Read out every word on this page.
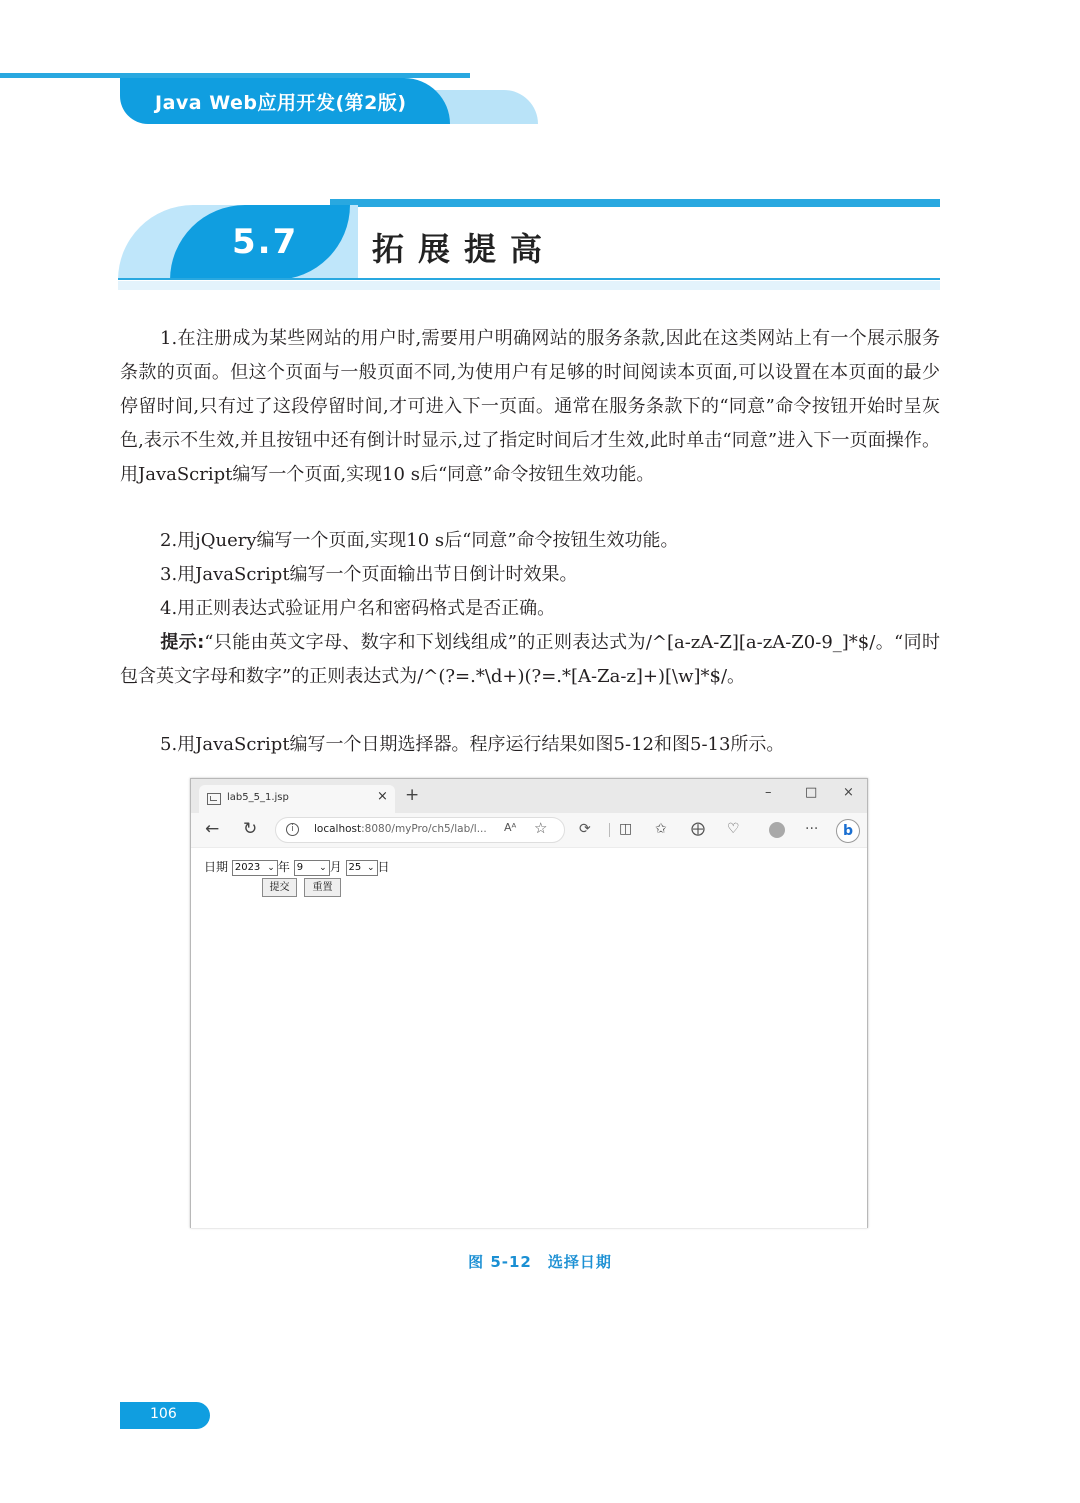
Java Web应用开发(第2版)
5.7 拓展提高

1.在注册成为某些网站的用户时,需要用户明确网站的服务条款,因此在这类网站上有一个展示服务条款的页面。但这个页面与一般页面不同,为使用户有足够的时间阅读本页面,可以设置在本页面的最少停留时间,只有过了这段停留时间,才可进入下一页面。通常在服务条款下的“同意”命令按钮开始时呈灰色,表示不生效,并且按钮中还有倒计时显示,过了指定时间后才生效,此时单击“同意”进入下一页面操作。用JavaScript编写一个页面,实现10 s后“同意”命令按钮生效功能。

2.用jQuery编写一个页面,实现10 s后“同意”命令按钮生效功能。

3.用JavaScript编写一个页面输出节日倒计时效果。

4.用正则表达式验证用户名和密码格式是否正确。

提示:“只能由英文字母、数字和下划线组成”的正则表达式为/^[a-zA-Z][a-zA-Z0-9_]*$/。“同时包含英文字母和数字”的正则表达式为/^(?=.*\d+)(?=.*[A-Za-z]+)[\w]*$/。

5.用JavaScript编写一个日期选择器。程序运行结果如图5-12和图5-13所示。

lab5_5_1.jsp	× +	–	□ ×
← ↻	i	localhost:8080/myPro/ch5/lab/l... Aᴬ ☆ ⟳ ◫ ✩ ⨁ ♡	···	b
日期 2023 ⌄ 年 9 ⌄ 月 25 ⌄ 日
提交	重置
图 5-12　选择日期
106
